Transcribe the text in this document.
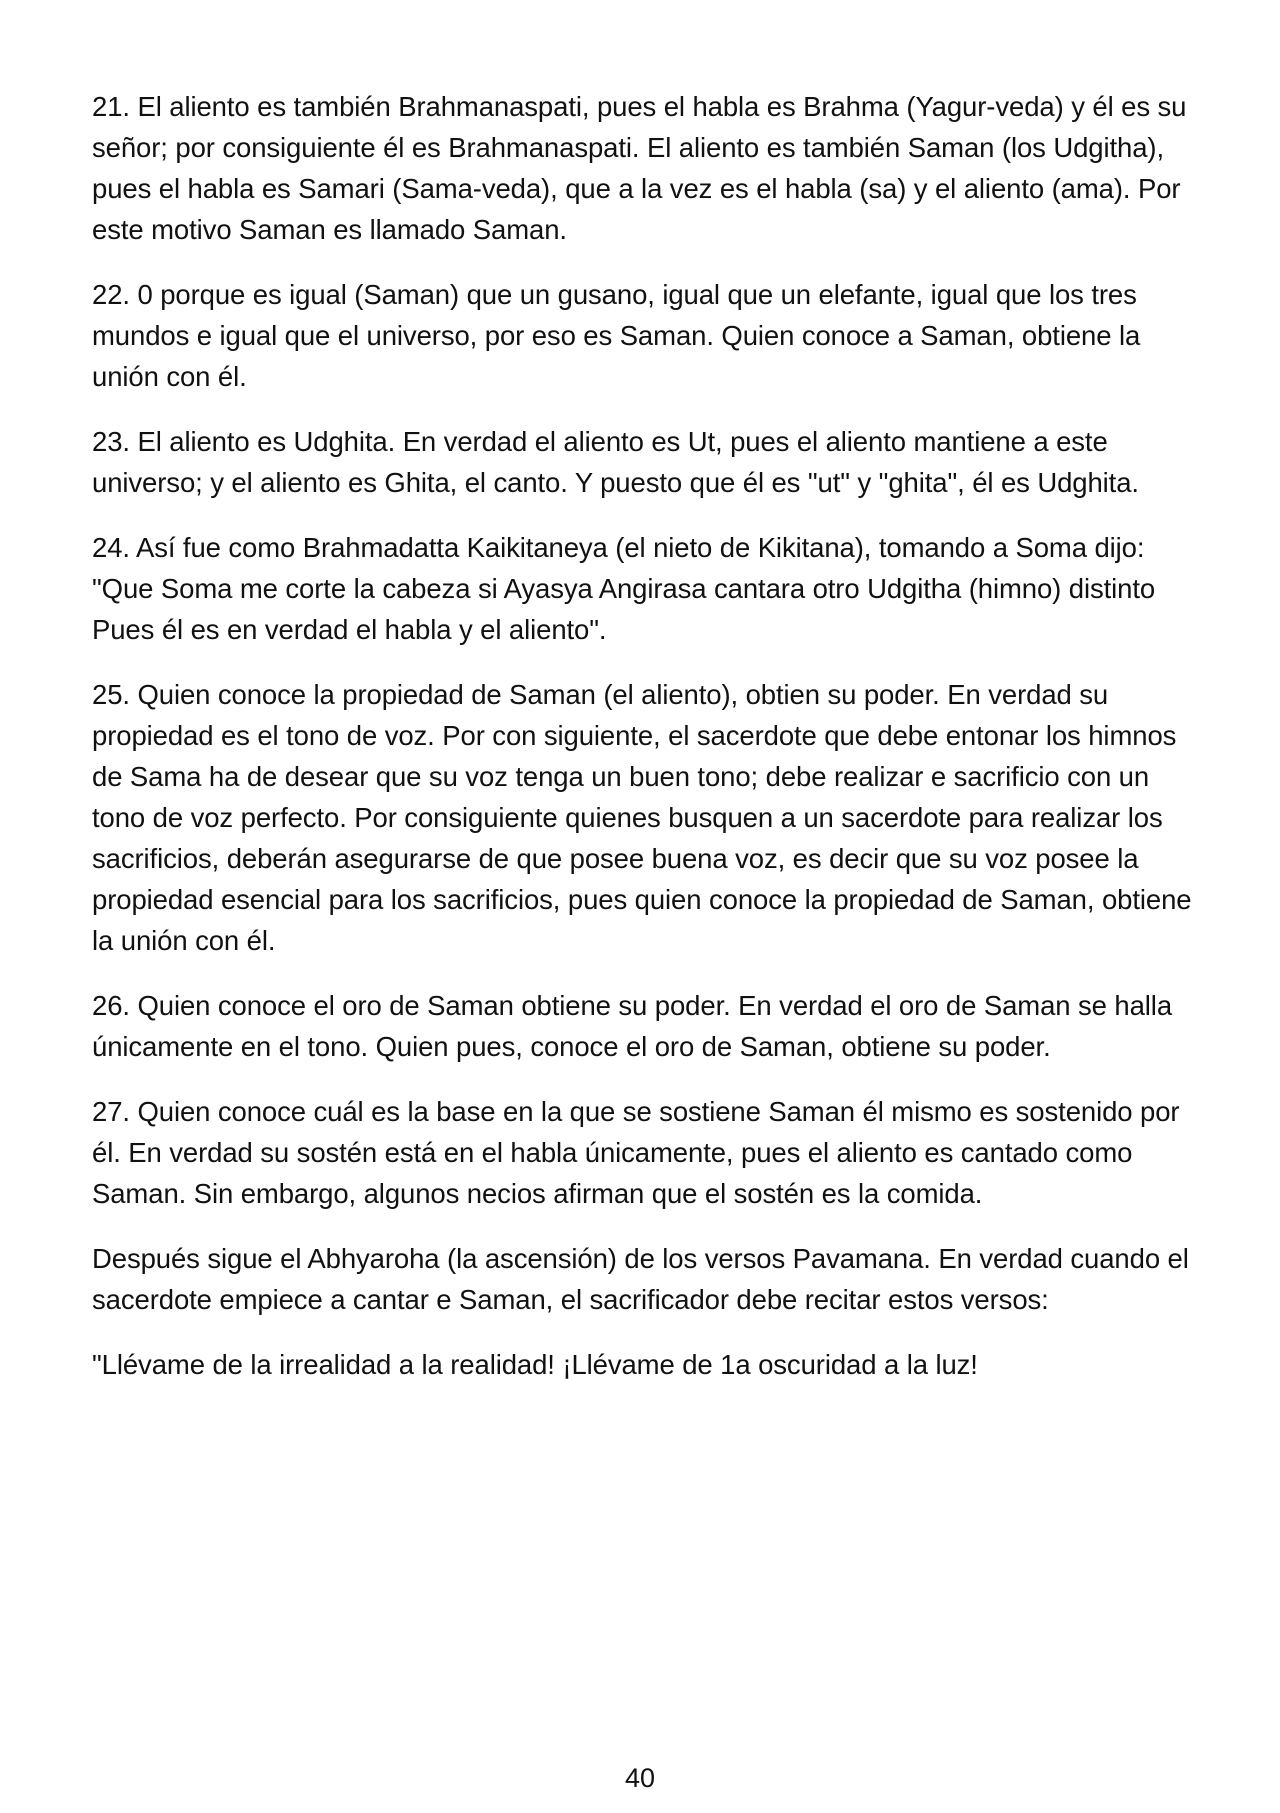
21. El aliento es también Brahmanaspati, pues el habla es Brahma (Yagur-veda) y él es su señor; por consiguiente él es Brahmanaspati. El aliento es también Saman (los Udgitha), pues el habla es Samari (Sama-veda), que a la vez es el habla (sa) y el aliento (ama). Por este motivo Saman es llamado Saman.

22. 0 porque es igual (Saman) que un gusano, igual que un elefante, igual que los tres mundos e igual que el universo, por eso es Saman. Quien conoce a Saman, obtiene la unión con él.

23. El aliento es Udghita. En verdad el aliento es Ut, pues el aliento mantiene a este universo; y el aliento es Ghita, el canto. Y puesto que él es "ut" y "ghita", él es Udghita.

24. Así fue como Brahmadatta Kaikitaneya (el nieto de Kikitana), tomando a Soma dijo: "Que Soma me corte la cabeza si Ayasya Angirasa cantara otro Udgitha (himno) distinto Pues él es en verdad el habla y el aliento".

25. Quien conoce la propiedad de Saman (el aliento), obtien su poder. En verdad su propiedad es el tono de voz. Por con siguiente, el sacerdote que debe entonar los himnos de Sama ha de desear que su voz tenga un buen tono; debe realizar e sacrificio con un tono de voz perfecto. Por consiguiente quienes busquen a un sacerdote para realizar los sacrificios, deberán asegurarse de que posee buena voz, es decir que su voz posee la propiedad esencial para los sacrificios, pues quien conoce la propiedad de Saman, obtiene la unión con él.

26. Quien conoce el oro de Saman obtiene su poder. En verdad el oro de Saman se halla únicamente en el tono. Quien pues, conoce el oro de Saman, obtiene su poder.

27. Quien conoce cuál es la base en la que se sostiene Saman él mismo es sostenido por él. En verdad su sostén está en el habla únicamente, pues el aliento es cantado como Saman. Sin embargo, algunos necios afirman que el sostén es la comida.

Después sigue el Abhyaroha (la ascensión) de los versos Pavamana. En verdad cuando el sacerdote empiece a cantar e Saman, el sacrificador debe recitar estos versos:

"Llévame de la irrealidad a la realidad! ¡Llévame de 1a oscuridad a la luz!

40
